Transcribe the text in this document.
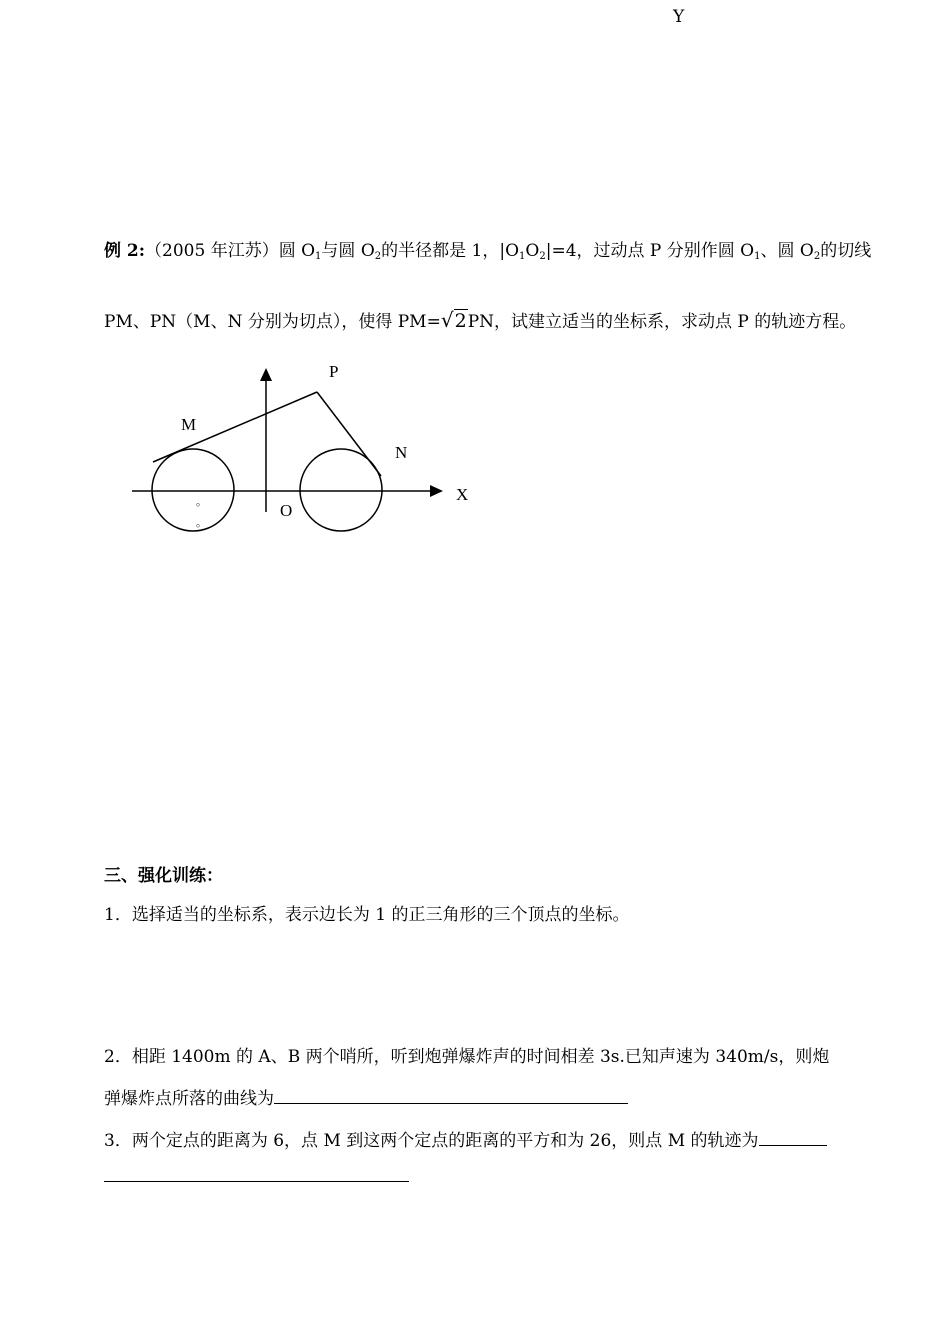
Y
例 2:（2005 年江苏）圆 $O_1$与圆 $O_2$的半径都是 1，$|O_1O_2|=4$，过动点 P 分别作圆 $O_1$、圆 $O_2$的切线
PM、PN（M、N 分别为切点），使得 PM=√2PN，试建立适当的坐标系，求动点 P 的轨迹方程。
P
M
N
X
O
。
。
三、强化训练：
1．选择适当的坐标系，表示边长为 1 的正三角形的三个顶点的坐标。
2．相距 1400m 的 A、B 两个哨所，听到炮弹爆炸声的时间相差 3s.已知声速为 340m/s，则炮
弹爆炸点所落的曲线为
3．两个定点的距离为 6，点 M 到这两个定点的距离的平方和为 26，则点 M 的轨迹为
